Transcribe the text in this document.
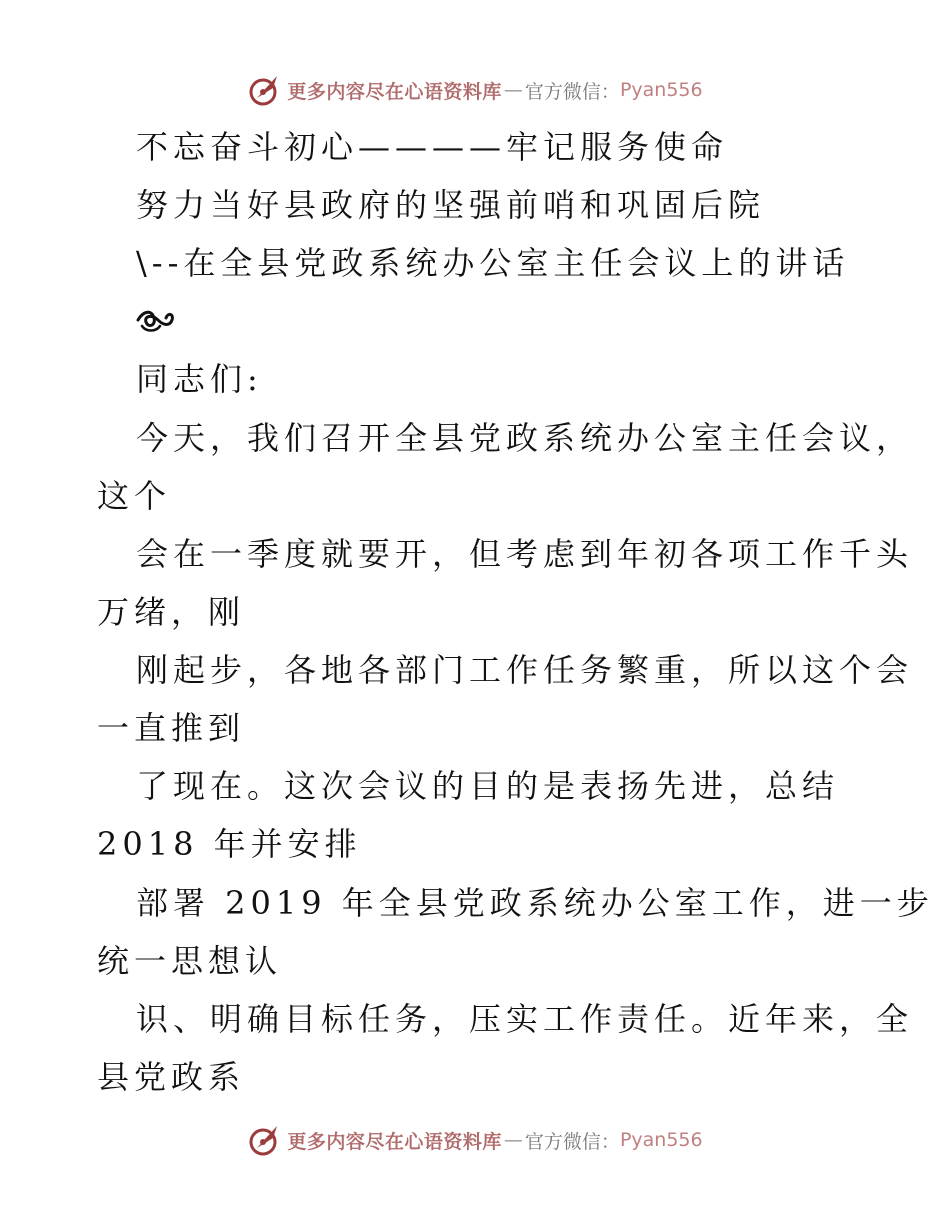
更多内容尽在心语资料库 — 官方微信： Pyan556
不忘奋斗初心————牢记服务使命
努力当好县政府的坚强前哨和巩固后院
\--在全县党政系统办公室主任会议上的讲话
同志们:
今天，我们召开全县党政系统办公室主任会议，
这个
会在一季度就要开，但考虑到年初各项工作千头
万绪，刚
刚起步，各地各部门工作任务繁重，所以这个会
一直推到
了现在。这次会议的目的是表扬先进，总结
2018 年并安排
部署 2019 年全县党政系统办公室工作，进一步
统一思想认
识、明确目标任务，压实工作责任。近年来，全
县党政系
更多内容尽在心语资料库 — 官方微信： Pyan556
